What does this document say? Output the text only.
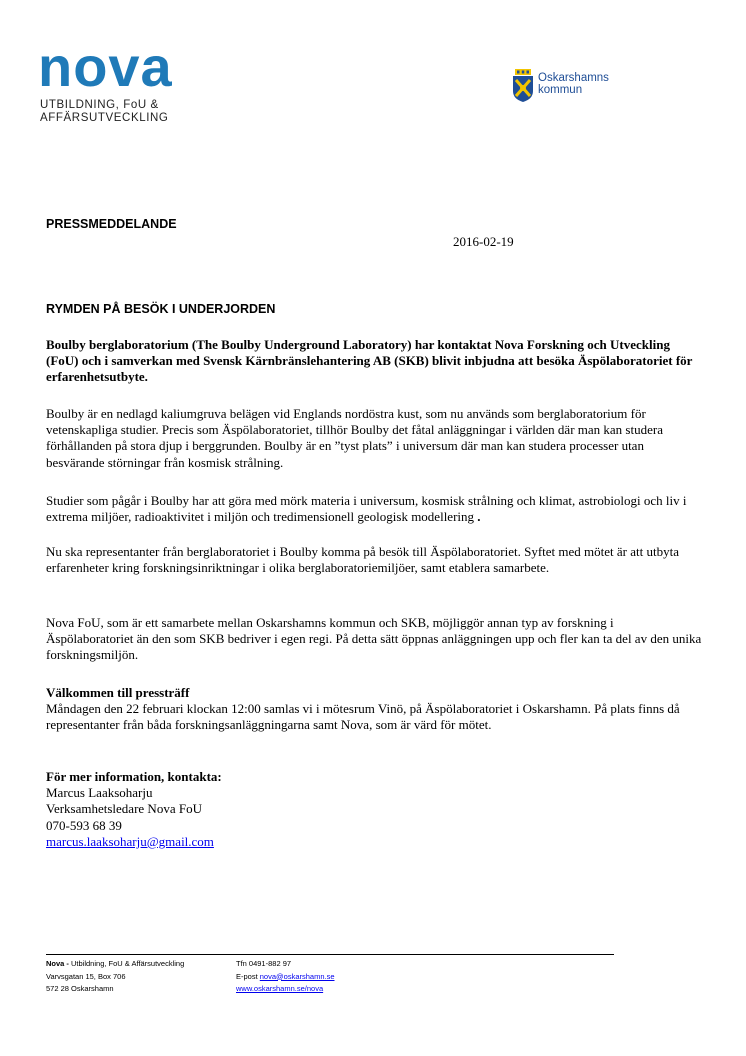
nova
UTBILDNING, FoU &
AFFÄRSUTVECKLING
Oskarshamns
kommun
PRESSMEDDELANDE
2016-02-19
RYMDEN PÅ BESÖK I UNDERJORDEN
Boulby berglaboratorium (The Boulby Underground Laboratory) har kontaktat Nova Forskning och Utveckling (FoU) och i samverkan med Svensk Kärnbränslehantering AB (SKB) blivit inbjudna att besöka Äspölaboratoriet för erfarenhetsutbyte.
Boulby är en nedlagd kaliumgruva belägen vid Englands nordöstra kust, som nu används som berglaboratorium för vetenskapliga studier. Precis som Äspölaboratoriet, tillhör Boulby det fåtal anläggningar i världen där man kan studera förhållanden på stora djup i berggrunden. Boulby är en ”tyst plats” i universum där man kan studera processer utan besvärande störningar från kosmisk strålning.
Studier som pågår i Boulby har att göra med mörk materia i universum, kosmisk strålning och klimat, astrobiologi och liv i extrema miljöer, radioaktivitet i miljön och tredimensionell geologisk modellering .
Nu ska representanter från berglaboratoriet i Boulby komma på besök till Äspölaboratoriet. Syftet med mötet är att utbyta erfarenheter kring forskningsinriktningar i olika berglaboratoriemiljöer, samt etablera samarbete.
Nova FoU, som är ett samarbete mellan Oskarshamns kommun och SKB, möjliggör annan typ av forskning i Äspölaboratoriet än den som SKB bedriver i egen regi. På detta sätt öppnas anläggningen upp och fler kan ta del av den unika forskningsmiljön.
Välkommen till pressträff
Måndagen den 22 februari klockan 12:00 samlas vi i mötesrum Vinö, på Äspölaboratoriet i Oskarshamn. På plats finns då representanter från båda forskningsanläggningarna samt Nova, som är värd för mötet.
För mer information, kontakta:
Marcus Laaksoharju
Verksamhetsledare Nova FoU
070-593 68 39
marcus.laaksoharju@gmail.com
Nova - Utbildning, FoU & Affärsutveckling
Varvsgatan 15, Box 706
572 28 Oskarshamn
Tfn 0491-882 97
E-post nova@oskarshamn.se
www.oskarshamn.se/nova
